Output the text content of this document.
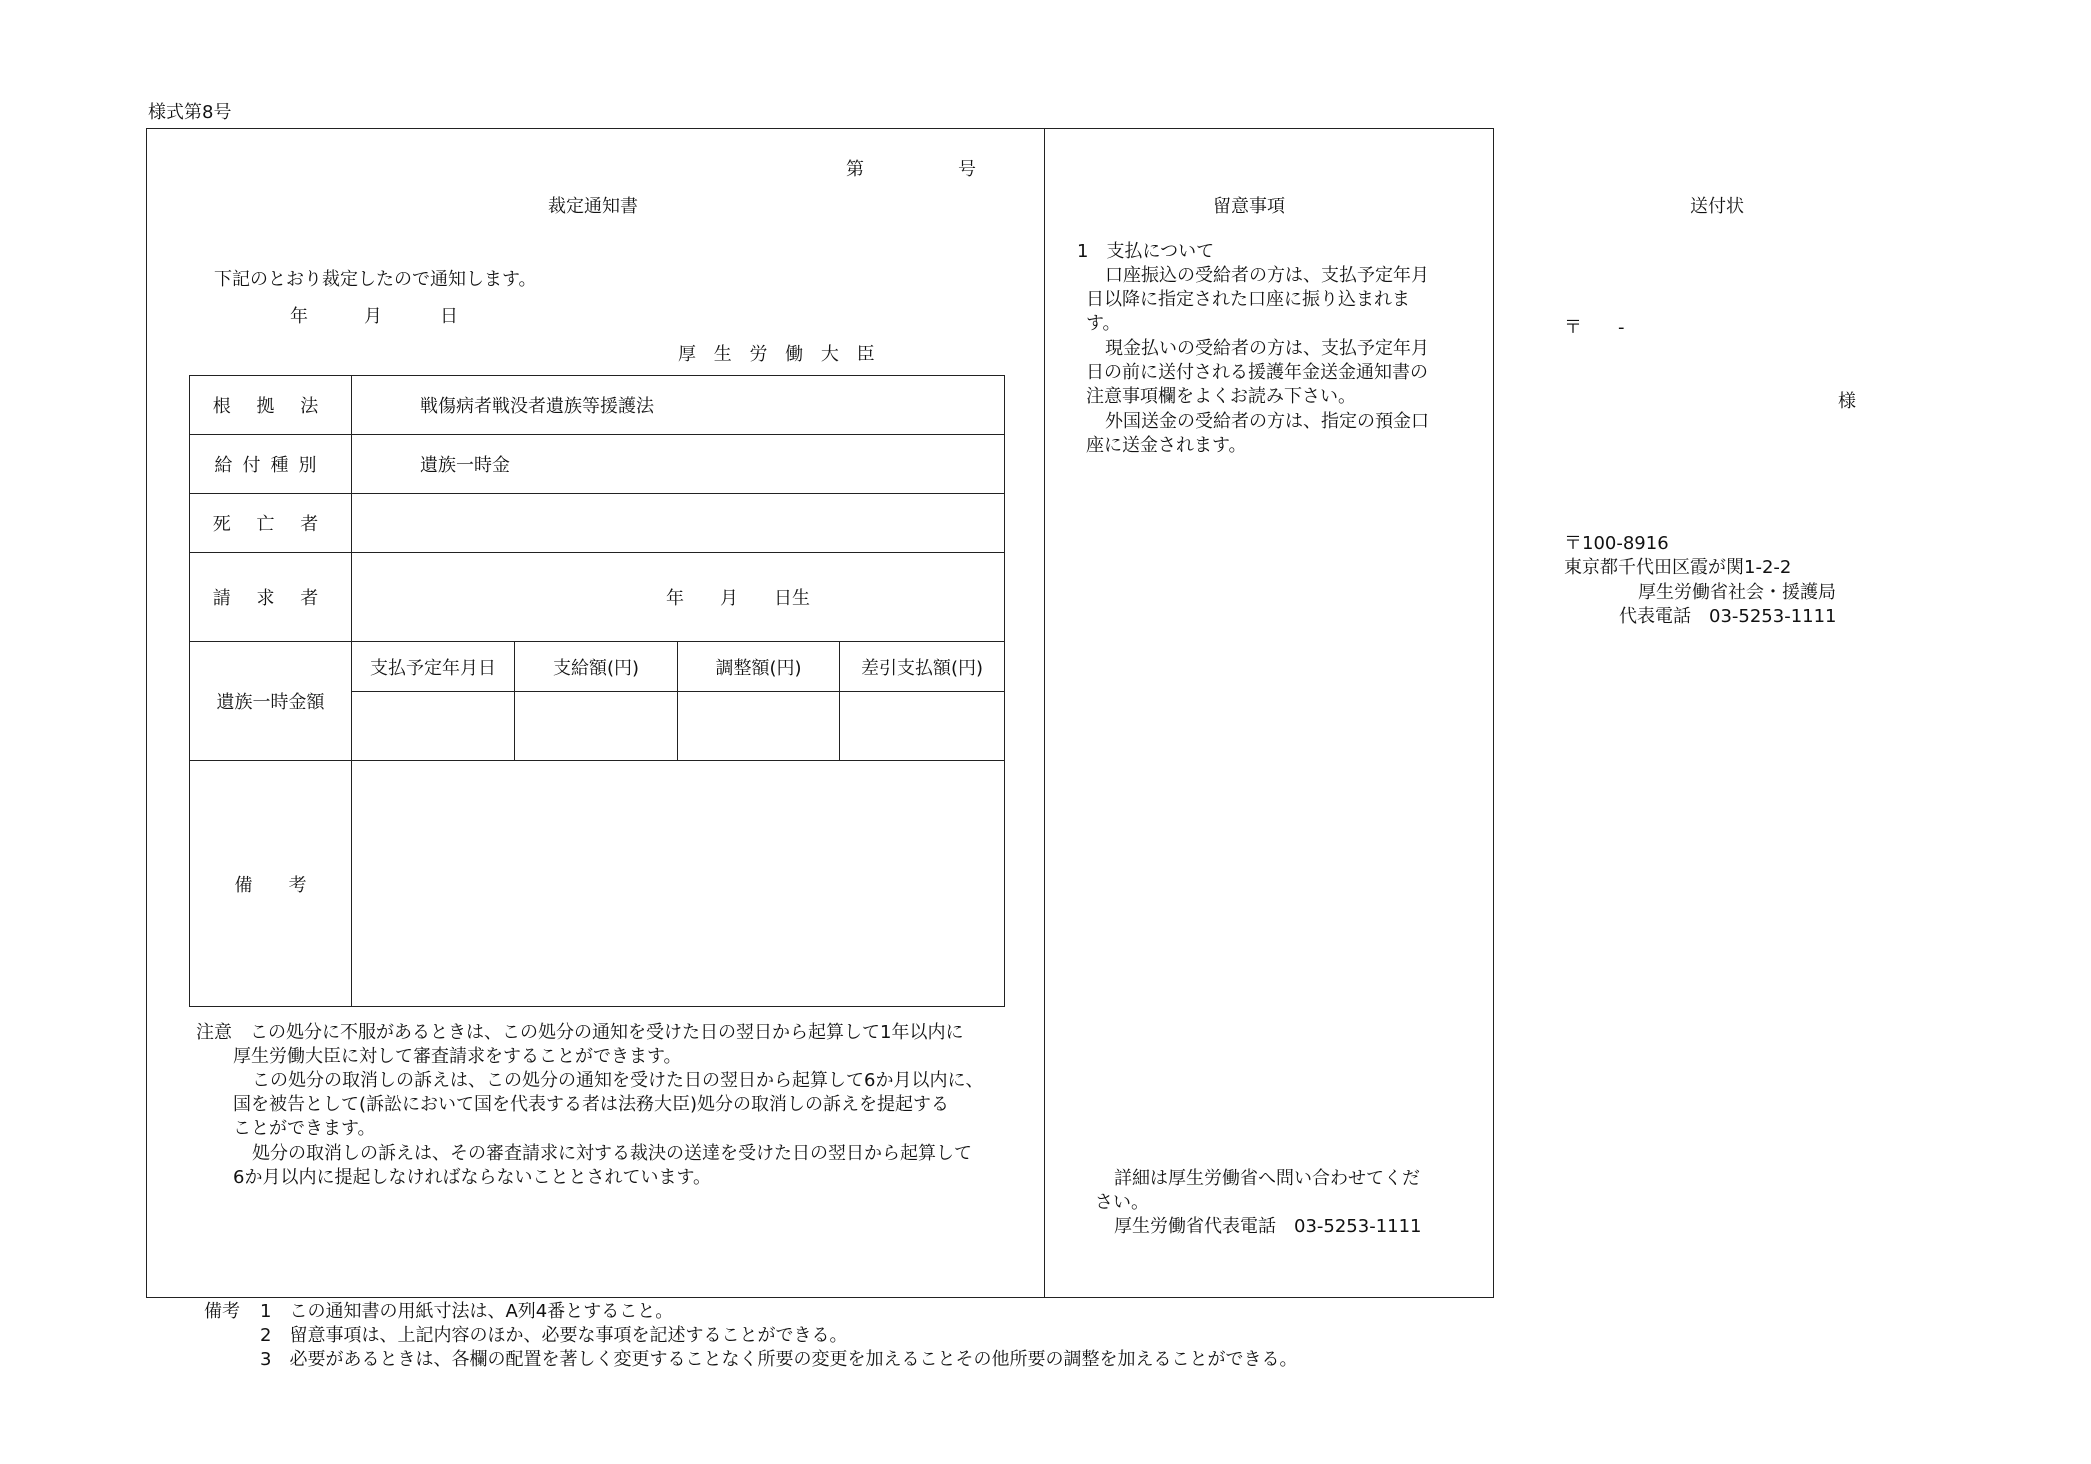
様式第8号
第	号
裁定通知書
下記のとおり裁定したので通知します。
年	月	日
厚 生 労 働 大 臣
根 拠 法	戦傷病者戦没者遺族等援護法			
給付種別	遺族一時金			
死 亡 者				
請 求 者	年　　月　　日生			
遺族一時金額	支払予定年月日	支給額(円)	調整額(円)	差引支払額(円)

備　　考				
注意　この処分に不服があるときは、この処分の通知を受けた日の翌日から起算して1年以内に
厚生労働大臣に対して審査請求をすることができます。
この処分の取消しの訴えは、この処分の通知を受けた日の翌日から起算して6か月以内に、
国を被告として(訴訟において国を代表する者は法務大臣)処分の取消しの訴えを提起する
ことができます。
処分の取消しの訴えは、その審査請求に対する裁決の送達を受けた日の翌日から起算して
6か月以内に提起しなければならないこととされています。
留意事項
1　支払について
口座振込の受給者の方は、支払予定年月
日以降に指定された口座に振り込まれま
す。
現金払いの受給者の方は、支払予定年月
日の前に送付される援護年金送金通知書の
注意事項欄をよくお読み下さい。
外国送金の受給者の方は、指定の預金口
座に送金されます。
詳細は厚生労働省へ問い合わせてくだ
さい。
厚生労働省代表電話　03-5253-1111
送付状
〒　　-
様
〒100-8916
東京都千代田区霞が関1-2-2
厚生労働省社会・援護局
代表電話　03-5253-1111
備考 1　この通知書の用紙寸法は、A列4番とすること。
2　留意事項は、上記内容のほか、必要な事項を記述することができる。
3　必要があるときは、各欄の配置を著しく変更することなく所要の変更を加えることその他所要の調整を加えることができる。
